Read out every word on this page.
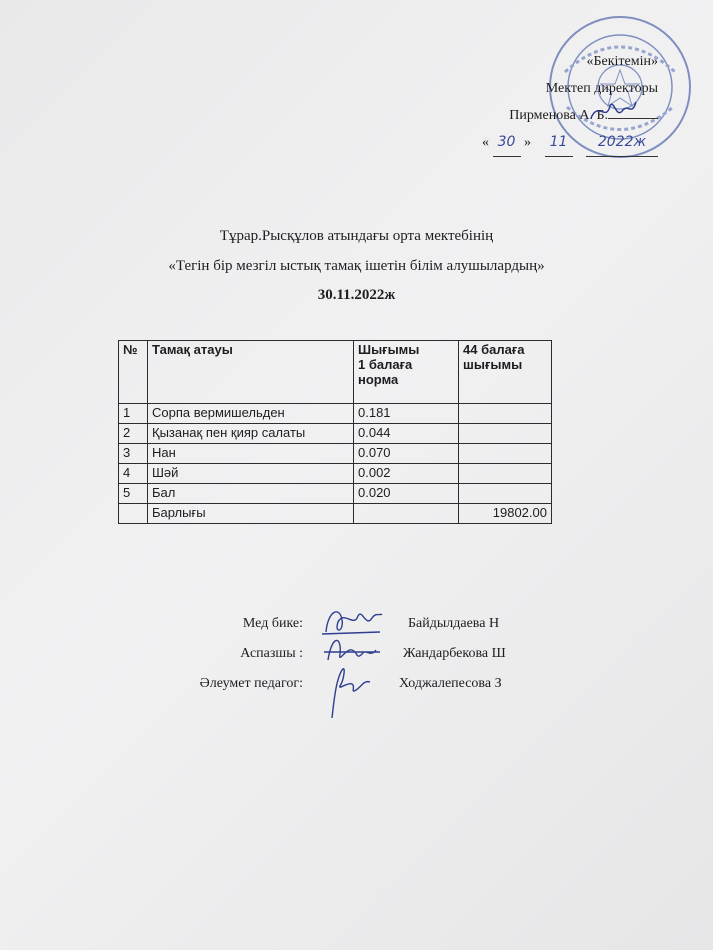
«Бекітемін»
Мектеп директоры
Пирменова А. Б.
« 30 » 11 2022ж
Тұрар.Рысқұлов атындағы орта мектебінің
«Тегін бір мезгіл ыстық тамақ ішетін білім алушылардың»
30.11.2022ж
№	Тамақ атауы	Шығымы
1 балаға норма	44 балаға шығымы
1	Сорпа вермишельден	0.181	
2	Қызанақ пен қияр салаты	0.044	
3	Нан	0.070	
4	Шәй	0.002	
5	Бал	0.020	
	Барлығы		19802.00
Мед бике:	Байдылдаева Н
Аспазшы :	Жандарбекова Ш
Әлеумет педагог:	Ходжалепесова З
